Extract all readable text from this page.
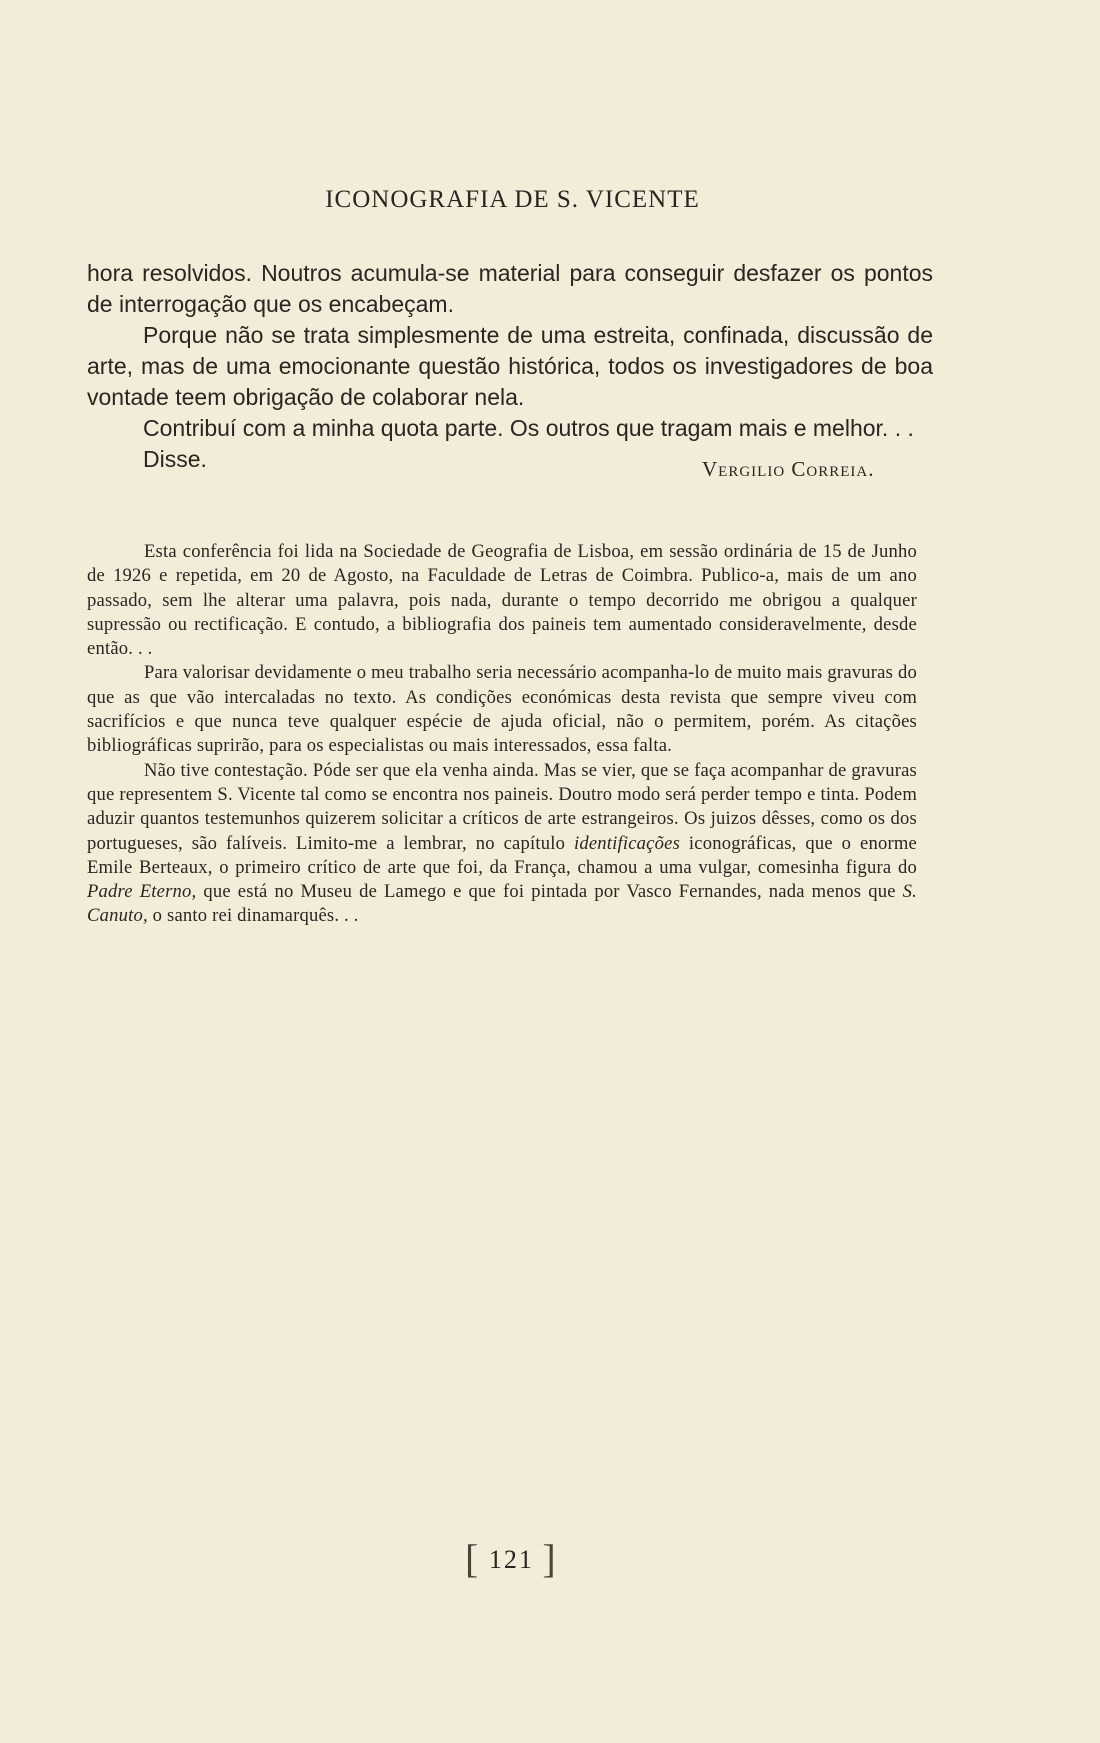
ICONOGRAFIA DE S. VICENTE

hora resolvidos. Noutros acumula-se material para conseguir desfazer os pontos de interrogação que os encabeçam.

Porque não se trata simplesmente de uma estreita, confinada, discussão de arte, mas de uma emocionante questão histórica, todos os investigadores de boa vontade teem obrigação de colaborar nela.

Contribuí com a minha quota parte. Os outros que tragam mais e melhor. . .

Disse.	Vergilio Correia.

Esta conferência foi lida na Sociedade de Geografia de Lisboa, em sessão ordinária de 15 de Junho de 1926 e repetida, em 20 de Agosto, na Faculdade de Letras de Coimbra. Publico-a, mais de um ano passado, sem lhe alterar uma palavra, pois nada, durante o tempo decorrido me obrigou a qualquer supressão ou rectificação. E contudo, a bibliografia dos paineis tem aumentado consideravelmente, desde então. . .

Para valorisar devidamente o meu trabalho seria necessário acompanha-lo de muito mais gravuras do que as que vão intercaladas no texto. As condições económicas desta revista que sempre viveu com sacrifícios e que nunca teve qualquer espécie de ajuda oficial, não o permitem, porém. As citações bibliográficas suprirão, para os especialistas ou mais interessados, essa falta.

Não tive contestação. Póde ser que ela venha ainda. Mas se vier, que se faça acompanhar de gravuras que representem S. Vicente tal como se encontra nos paineis. Doutro modo será perder tempo e tinta. Podem aduzir quantos testemunhos quizerem solicitar a críticos de arte estrangeiros. Os juizos dêsses, como os dos portugueses, são falíveis. Limito-me a lembrar, no capítulo identificações iconográficas, que o enorme Emile Berteaux, o primeiro crítico de arte que foi, da França, chamou a uma vulgar, comesinha figura do Padre Eterno, que está no Museu de Lamego e que foi pintada por Vasco Fernandes, nada menos que S. Canuto, o santo rei dinamarquês. . .

[ 121 ]
